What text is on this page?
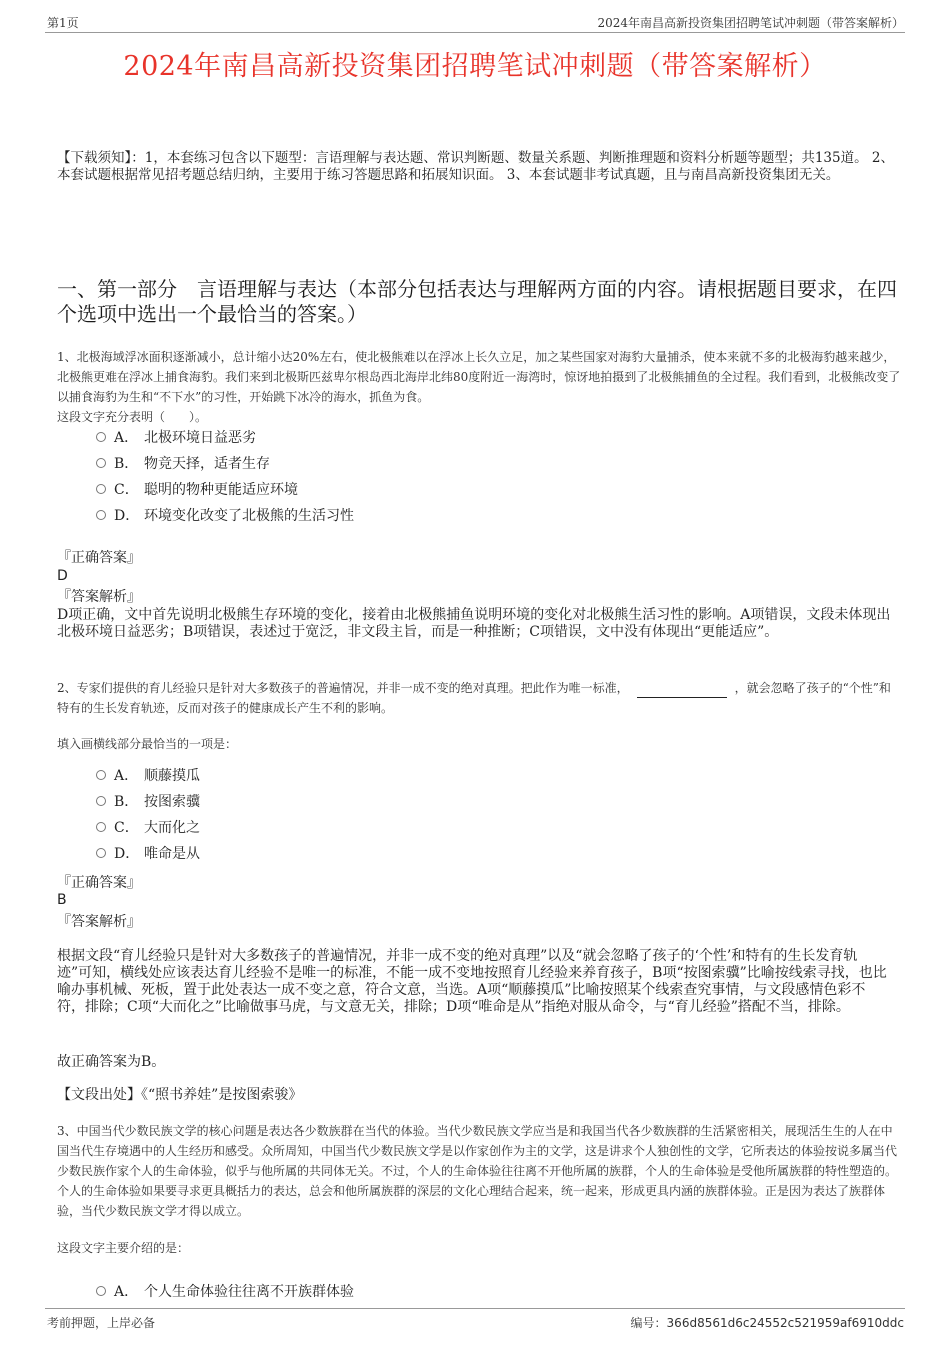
第1页	2024年南昌高新投资集团招聘笔试冲刺题（带答案解析）
2024年南昌高新投资集团招聘笔试冲刺题（带答案解析）
【下载须知】：1，本套练习包含以下题型：言语理解与表达题、常识判断题、数量关系题、判断推理题和资料分析题等题型；共135道。 2、本套试题根据常见招考题总结归纳，主要用于练习答题思路和拓展知识面。 3、本套试题非考试真题，且与南昌高新投资集团无关。
一、第一部分　言语理解与表达（本部分包括表达与理解两方面的内容。请根据题目要求，在四个选项中选出一个最恰当的答案。）
1、北极海域浮冰面积逐渐减小，总计缩小达20%左右，使北极熊难以在浮冰上长久立足，加之某些国家对海豹大量捕杀，使本来就不多的北极海豹越来越少，北极熊更难在浮冰上捕食海豹。我们来到北极斯匹兹卑尔根岛西北海岸北纬80度附近一海湾时，惊讶地拍摄到了北极熊捕鱼的全过程。我们看到，北极熊改变了以捕食海豹为生和“不下水”的习性，开始跳下冰冷的海水，抓鱼为食。
这段文字充分表明（　　）。
A． 北极环境日益恶劣
B． 物竞天择，适者生存
C． 聪明的物种更能适应环境
D． 环境变化改变了北极熊的生活习性
『正确答案』
D
『答案解析』
D项正确，文中首先说明北极熊生存环境的变化，接着由北极熊捕鱼说明环境的变化对北极熊生活习性的影响。A项错误，文段未体现出北极环境日益恶劣；B项错误，表述过于宽泛，非文段主旨，而是一种推断；C项错误，文中没有体现出“更能适应”。
2、专家们提供的育儿经验只是针对大多数孩子的普遍情况，并非一成不变的绝对真理。把此作为唯一标准，	，就会忽略了孩子的“个性”和特有的生长发育轨迹，反而对孩子的健康成长产生不利的影响。
填入画横线部分最恰当的一项是：
A． 顺藤摸瓜
B． 按图索骥
C． 大而化之
D． 唯命是从
『正确答案』
B
『答案解析』
根据文段“育儿经验只是针对大多数孩子的普遍情况，并非一成不变的绝对真理”以及“就会忽略了孩子的‘个性’和特有的生长发育轨迹”可知，横线处应该表达育儿经验不是唯一的标准，不能一成不变地按照育儿经验来养育孩子，B项“按图索骥”比喻按线索寻找，也比喻办事机械、死板，置于此处表达一成不变之意，符合文意，当选。A项“顺藤摸瓜”比喻按照某个线索查究事情，与文段感情色彩不符，排除；C项“大而化之”比喻做事马虎，与文意无关，排除；D项“唯命是从”指绝对服从命令，与“育儿经验”搭配不当，排除。
故正确答案为B。
【文段出处】《“照书养娃”是按图索骏》
3、中国当代少数民族文学的核心问题是表达各少数族群在当代的体验。当代少数民族文学应当是和我国当代各少数族群的生活紧密相关，展现活生生的人在中国当代生存境遇中的人生经历和感受。众所周知，中国当代少数民族文学是以作家创作为主的文学，这是讲求个人独创性的文学，它所表达的体验按说多属当代少数民族作家个人的生命体验，似乎与他所属的共同体无关。不过，个人的生命体验往往离不开他所属的族群，个人的生命体验是受他所属族群的特性塑造的。个人的生命体验如果要寻求更具概括力的表达，总会和他所属族群的深层的文化心理结合起来，统一起来，形成更具内涵的族群体验。正是因为表达了族群体验，当代少数民族文学才得以成立。
这段文字主要介绍的是：
A． 个人生命体验往往离不开族群体验
考前押题，上岸必备	编号：366d8561d6c24552c521959af6910ddc
